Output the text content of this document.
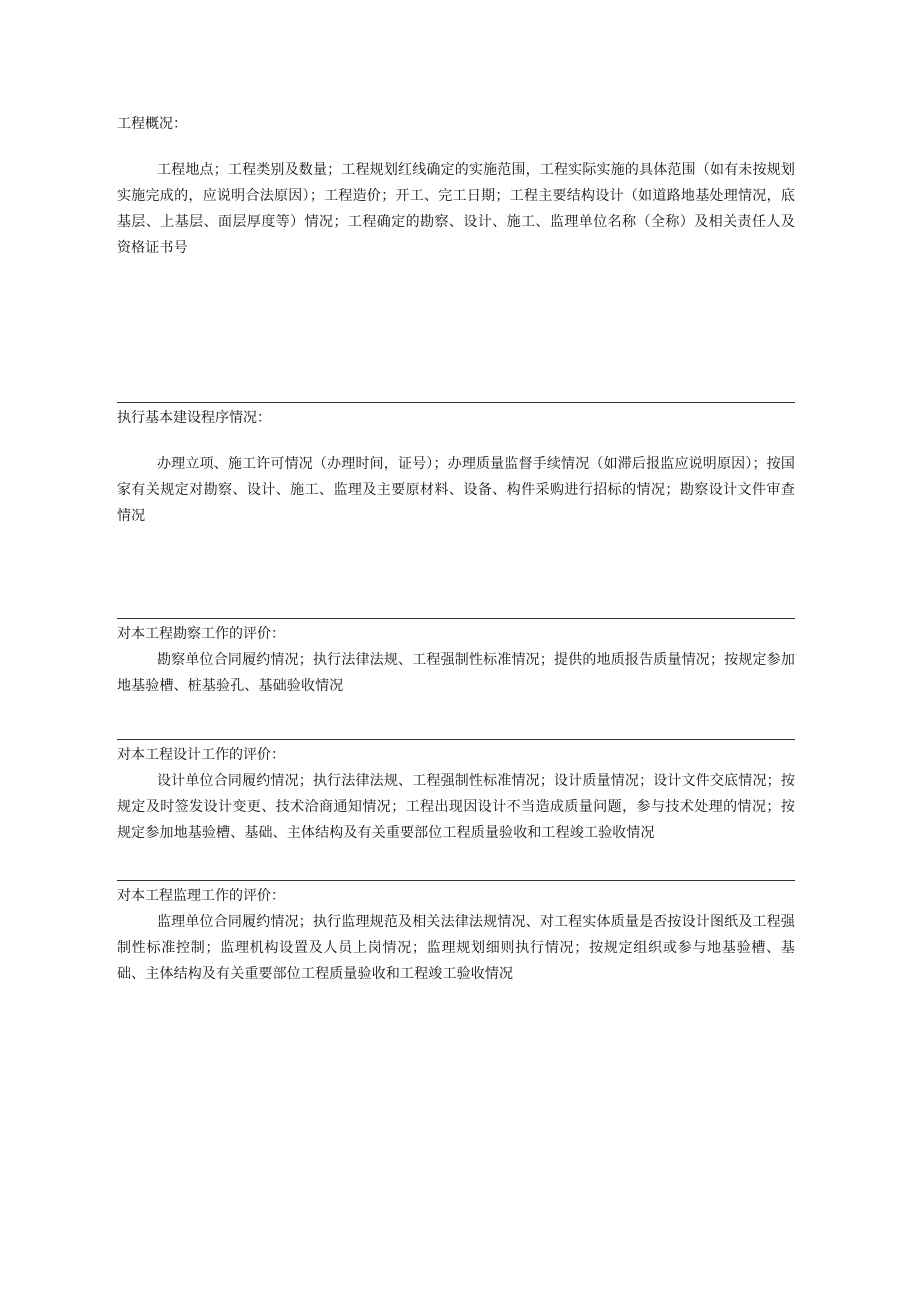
工程概况：

工程地点；工程类别及数量；工程规划红线确定的实施范围，工程实际实施的具体范围（如有未按规划实施完成的，应说明合法原因）；工程造价；开工、完工日期；工程主要结构设计（如道路地基处理情况，底基层、上基层、面层厚度等）情况；工程确定的勘察、设计、施工、监理单位名称（全称）及相关责任人及资格证书号

执行基本建设程序情况：

办理立项、施工许可情况（办理时间，证号）；办理质量监督手续情况（如滞后报监应说明原因）；按国家有关规定对勘察、设计、施工、监理及主要原材料、设备、构件采购进行招标的情况；勘察设计文件审查情况

对本工程勘察工作的评价：

勘察单位合同履约情况；执行法律法规、工程强制性标准情况；提供的地质报告质量情况；按规定参加地基验槽、桩基验孔、基础验收情况

对本工程设计工作的评价：

设计单位合同履约情况；执行法律法规、工程强制性标准情况；设计质量情况；设计文件交底情况；按规定及时签发设计变更、技术洽商通知情况；工程出现因设计不当造成质量问题，参与技术处理的情况；按规定参加地基验槽、基础、主体结构及有关重要部位工程质量验收和工程竣工验收情况

对本工程监理工作的评价：

监理单位合同履约情况；执行监理规范及相关法律法规情况、对工程实体质量是否按设计图纸及工程强制性标准控制；监理机构设置及人员上岗情况；监理规划细则执行情况；按规定组织或参与地基验槽、基础、主体结构及有关重要部位工程质量验收和工程竣工验收情况
